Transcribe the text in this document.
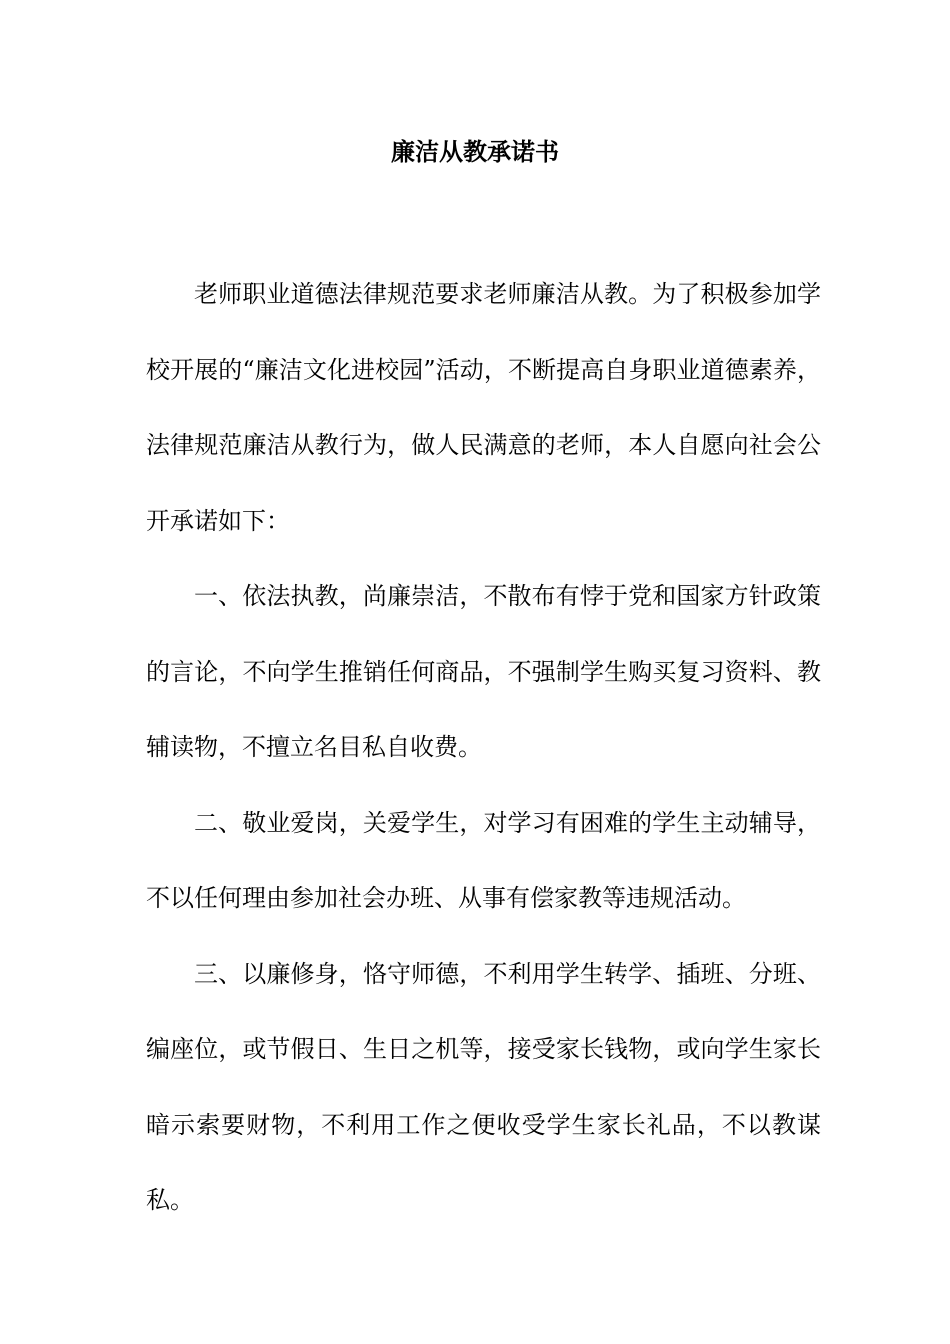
廉洁从教承诺书

老师职业道德法律规范要求老师廉洁从教。为了积极参加学校开展的“廉洁文化进校园”活动，不断提高自身职业道德素养，法律规范廉洁从教行为，做人民满意的老师，本人自愿向社会公开承诺如下：

一、依法执教，尚廉崇洁，不散布有悖于党和国家方针政策的言论，不向学生推销任何商品，不强制学生购买复习资料、教辅读物，不擅立名目私自收费。

二、敬业爱岗，关爱学生，对学习有困难的学生主动辅导，不以任何理由参加社会办班、从事有偿家教等违规活动。

三、以廉修身，恪守师德，不利用学生转学、插班、分班、编座位，或节假日、生日之机等，接受家长钱物，或向学生家长暗示索要财物，不利用工作之便收受学生家长礼品，不以教谋私。
